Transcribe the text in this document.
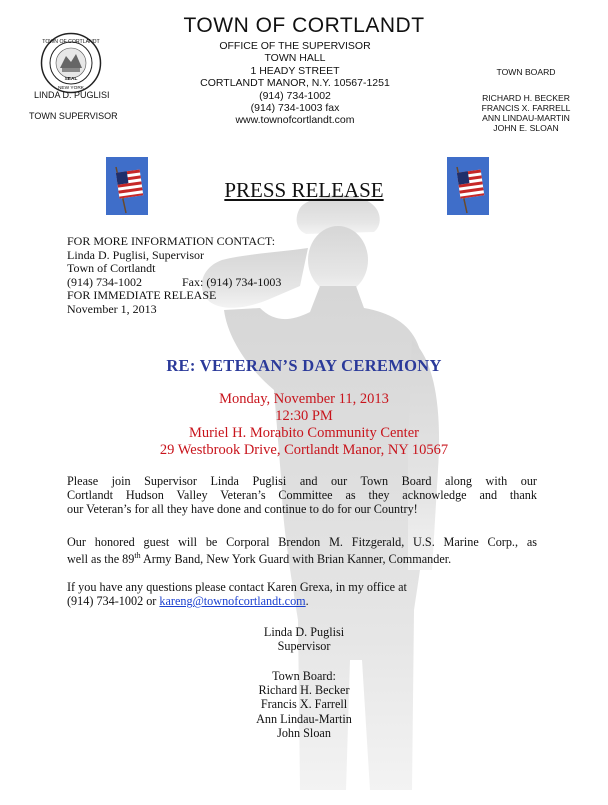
TOWN OF CORTLANDT
SEAL
NEW YORK
LINDA D. PUGLISI
TOWN SUPERVISOR
TOWN OF CORTLANDT
OFFICE OF THE SUPERVISOR
TOWN HALL
1 HEADY STREET
CORTLANDT MANOR, N.Y. 10567-1251
(914) 734-1002
(914) 734-1003 fax
www.townofcortlandt.com
TOWN BOARD
RICHARD H. BECKER
FRANCIS X. FARRELL
ANN LINDAU-MARTIN
JOHN E. SLOAN
PRESS RELEASE
FOR MORE INFORMATION CONTACT:
Linda D. Puglisi, Supervisor
Town of Cortlandt
(914) 734-1002	Fax: (914) 734-1003
FOR IMMEDIATE RELEASE
November 1, 2013
RE: VETERAN’S DAY CEREMONY
Monday, November 11, 2013
12:30 PM
Muriel H. Morabito Community Center
29 Westbrook Drive, Cortlandt Manor, NY 10567
Please join Supervisor Linda Puglisi and our Town Board along with our
Cortlandt Hudson Valley Veteran’s Committee as they acknowledge and thank
our Veteran’s for all they have done and continue to do for our Country!
Our honored guest will be Corporal Brendon M. Fitzgerald, U.S. Marine Corp., as
well as the 89th Army Band, New York Guard with Brian Kanner, Commander.
If you have any questions please contact Karen Grexa, in my office at
(914) 734-1002 or kareng@townofcortlandt.com.
Linda D. Puglisi
Supervisor
Town Board:
Richard H. Becker
Francis X. Farrell
Ann Lindau-Martin
John Sloan
